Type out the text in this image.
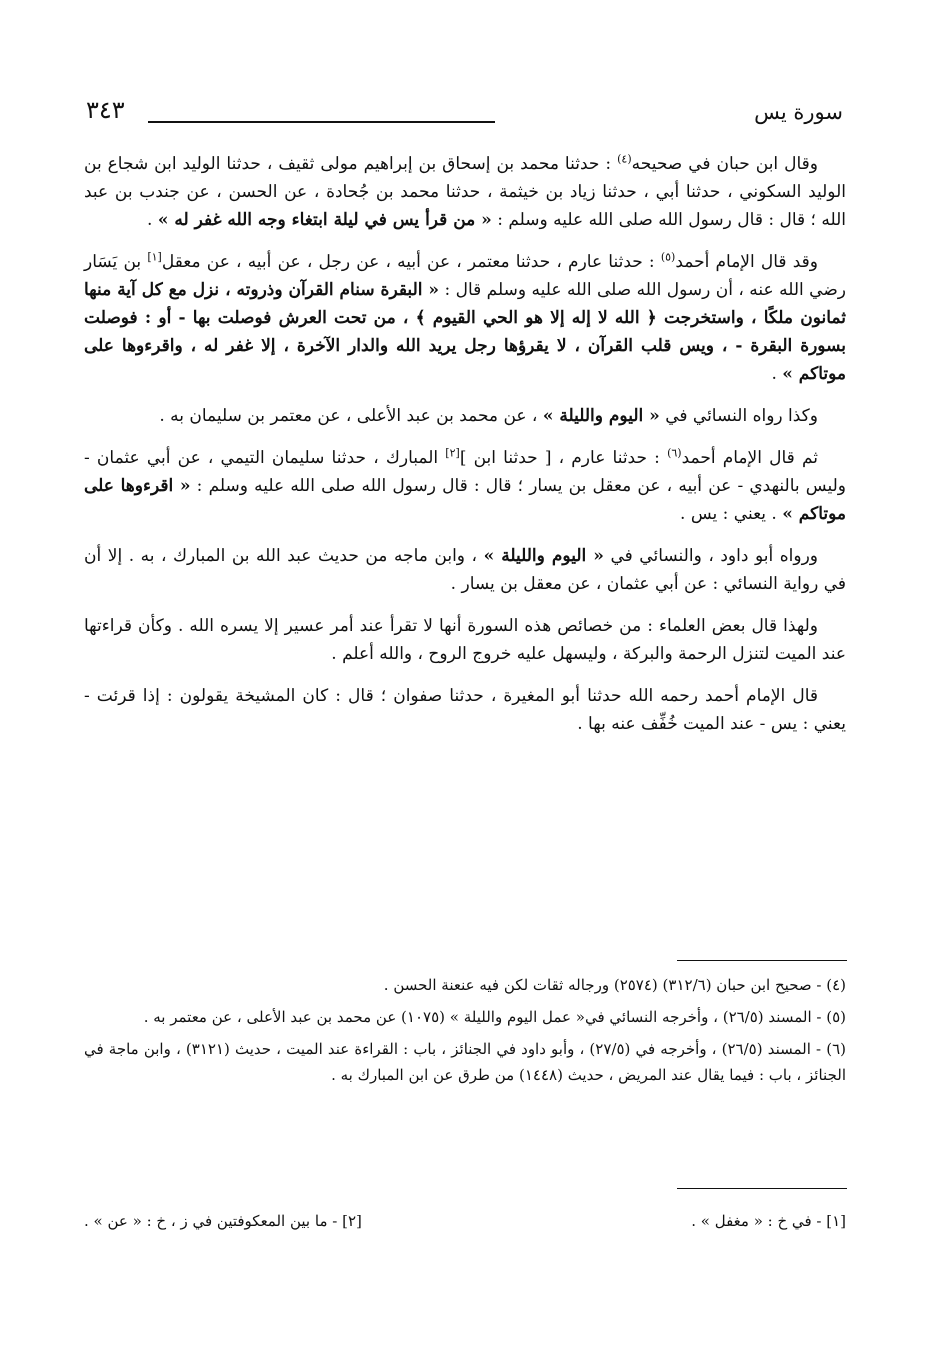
سورة يس
٣٤٣

وقال ابن حبان في صحيحه$^{(٤)}$ : حدثنا محمد بن إسحاق بن إبراهيم مولى ثقيف ، حدثنا الوليد ابن شجاع بن الوليد السكوني ، حدثنا أبي ، حدثنا زياد بن خيثمة ، حدثنا محمد بن جُحادة ، عن الحسن ، عن جندب بن عبد الله ؛ قال : قال رسول الله صلى الله عليه وسلم : « من قرأ يس في ليلة ابتغاء وجه الله غفر له » .

وقد قال الإمام أحمد$^{(٥)}$ : حدثنا عارم ، حدثنا معتمر ، عن أبيه ، عن رجل ، عن أبيه ، عن معقل[١] بن يَسَار رضي الله عنه ، أن رسول الله صلى الله عليه وسلم قال : « البقرة سنام القرآن وذروته ، نزل مع كل آية منها ثمانون ملكًا ، واستخرجت ﴿ الله لا إله إلا هو الحي القيوم ﴾ ، من تحت العرش فوصلت بها - أو : فوصلت بسورة البقرة - ، ويس قلب القرآن ، لا يقرؤها رجل يريد الله والدار الآخرة ، إلا غفر له ، واقرءوها على موتاكم » .

وكذا رواه النسائي في « اليوم والليلة » ، عن محمد بن عبد الأعلى ، عن معتمر بن سليمان به .

ثم قال الإمام أحمد$^{(٦)}$ : حدثنا عارم ، [ حدثنا ابن ][٢] المبارك ، حدثنا سليمان التيمي ، عن أبي عثمان - وليس بالنهدي - عن أبيه ، عن معقل بن يسار ؛ قال : قال رسول الله صلى الله عليه وسلم : « اقرءوها على موتاكم » . يعني : يس .

ورواه أبو داود ، والنسائي في « اليوم والليلة » ، وابن ماجه من حديث عبد الله بن المبارك ، به . إلا أن في رواية النسائي : عن أبي عثمان ، عن معقل بن يسار .

ولهذا قال بعض العلماء : من خصائص هذه السورة أنها لا تقرأ عند أمر عسير إلا يسره الله . وكأن قراءتها عند الميت لتنزل الرحمة والبركة ، وليسهل عليه خروج الروح ، والله أعلم .

قال الإمام أحمد رحمه الله حدثنا أبو المغيرة ، حدثنا صفوان ؛ قال : كان المشيخة يقولون : إذا قرئت - يعني : يس - عند الميت خُفِّف عنه بها .

(٤) - صحيح ابن حبان (٣١٢/٦) (٢٥٧٤) ورجاله ثقات لكن فيه عنعنة الحسن .

(٥) - المسند (٢٦/٥) ، وأخرجه النسائي في« عمل اليوم والليلة » (١٠٧٥) عن محمد بن عبد الأعلى ، عن معتمر به .

(٦) - المسند (٢٦/٥) ، وأخرجه في (٢٧/٥) ، وأبو داود في الجنائز ، باب : القراءة عند الميت ، حديث (٣١٢١) ، وابن ماجة في الجنائز ، باب : فيما يقال عند المريض ، حديث (١٤٤٨) من طرق عن ابن المبارك به .

[١] - في خ : « مغفل » .
[٢] - ما بين المعكوفتين في ز ، خ : « عن » .
